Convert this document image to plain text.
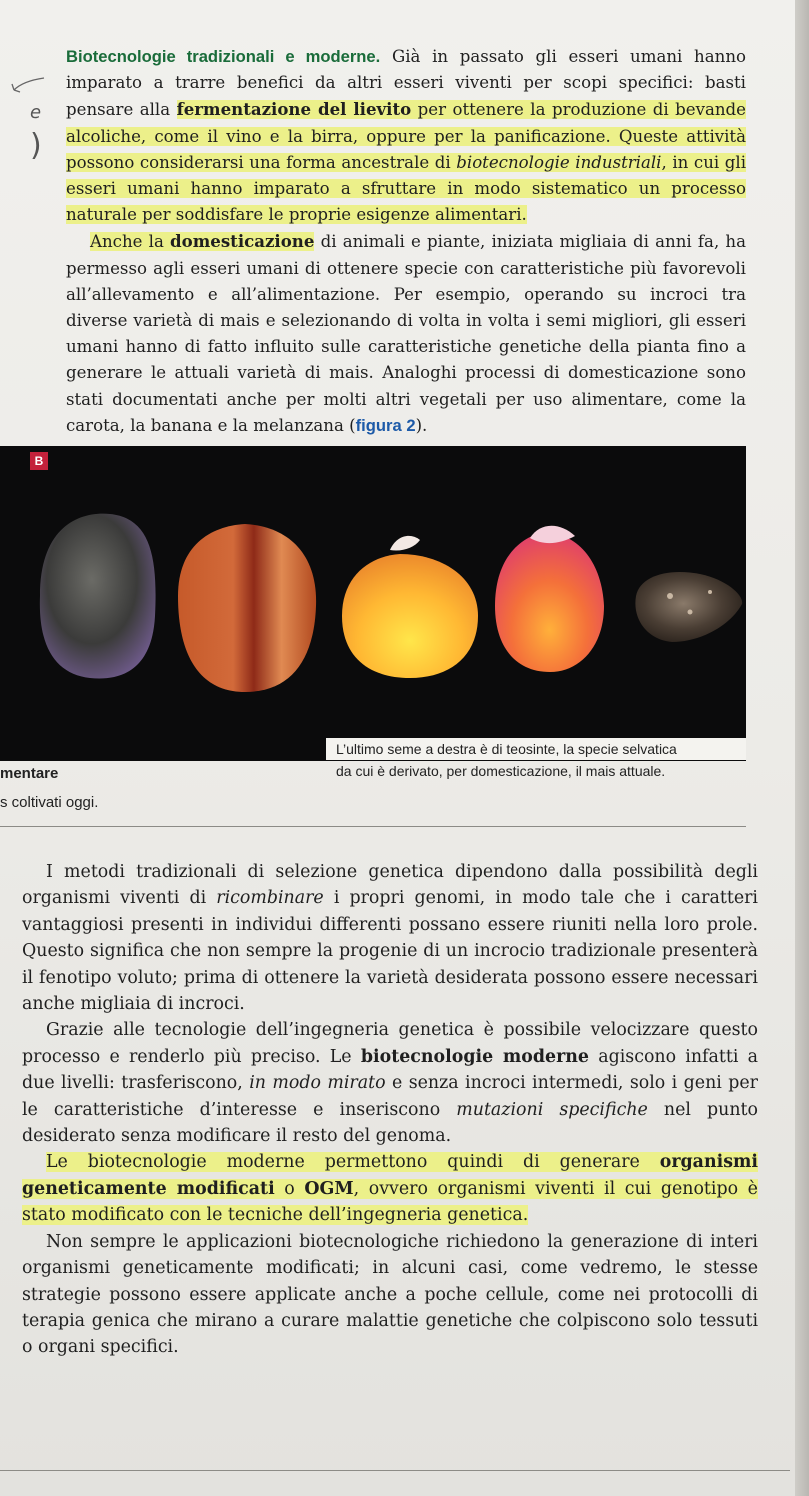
e
)

Biotecnologie tradizionali e moderne. Già in passato gli esseri umani hanno imparato a trarre benefici da altri esseri viventi per scopi specifici: basti pensare alla fermentazione del lievito per ottenere la produzione di bevande alcoliche, come il vino e la birra, oppure per la panificazione. Queste attività possono considerarsi una forma ancestrale di biotecnologie industriali, in cui gli esseri umani hanno imparato a sfruttare in modo sistematico un processo naturale per soddisfare le proprie esigenze alimentari.

Anche la domesticazione di animali e piante, iniziata migliaia di anni fa, ha permesso agli esseri umani di ottenere specie con caratteristiche più favorevoli all’allevamento e all’alimentazione. Per esempio, operando su incroci tra diverse varietà di mais e selezionando di volta in volta i semi migliori, gli esseri umani hanno di fatto influito sulle caratteristiche genetiche della pianta fino a generare le attuali varietà di mais. Analoghi processi di domesticazione sono stati documentati anche per molti altri vegetali per uso alimentare, come la carota, la banana e la melanzana (figura 2).

B
L’ultimo seme a destra è di teosinte, la specie selvatica
da cui è derivato, per domesticazione, il mais attuale.
mentare
s coltivati oggi.

I metodi tradizionali di selezione genetica dipendono dalla possibilità degli organismi viventi di ricombinare i propri genomi, in modo tale che i caratteri vantaggiosi presenti in individui differenti possano essere riuniti nella loro prole. Questo significa che non sempre la progenie di un incrocio tradizionale presenterà il fenotipo voluto; prima di ottenere la varietà desiderata possono essere necessari anche migliaia di incroci.

Grazie alle tecnologie dell’ingegneria genetica è possibile velocizzare questo processo e renderlo più preciso. Le biotecnologie moderne agiscono infatti a due livelli: trasferiscono, in modo mirato e senza incroci intermedi, solo i geni per le caratteristiche d’interesse e inseriscono mutazioni specifiche nel punto desiderato senza modificare il resto del genoma.

Le biotecnologie moderne permettono quindi di generare organismi geneticamente modificati o OGM, ovvero organismi viventi il cui genotipo è stato modificato con le tecniche dell’ingegneria genetica.

Non sempre le applicazioni biotecnologiche richiedono la generazione di interi organismi geneticamente modificati; in alcuni casi, come vedremo, le stesse strategie possono essere applicate anche a poche cellule, come nei protocolli di terapia genica che mirano a curare malattie genetiche che colpiscono solo tessuti o organi specifici.
